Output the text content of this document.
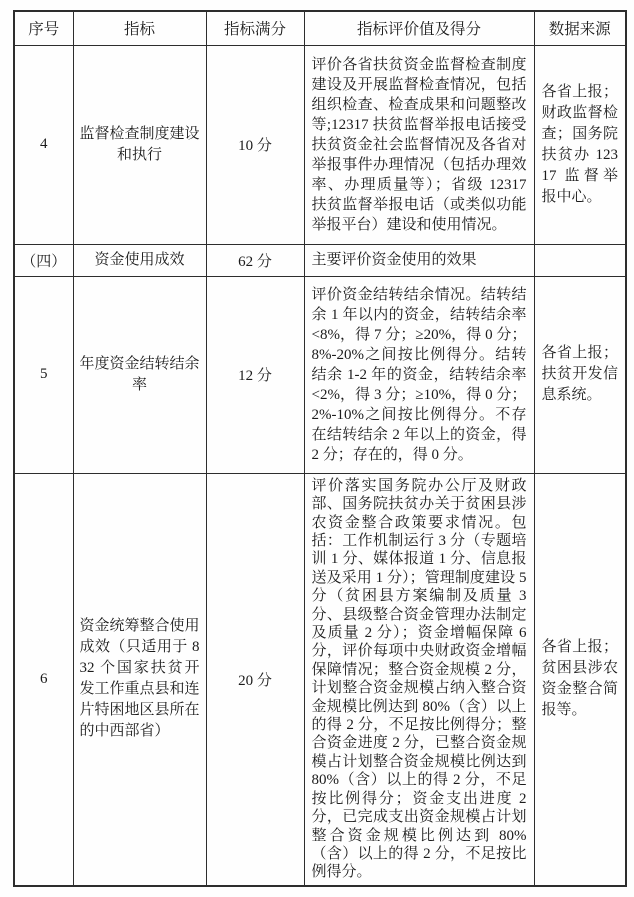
序号	指标	指标满分	指标评价值及得分	数据来源
4	监督检查制度建设和执行	10 分	评价各省扶贫资金监督检查制度建设及开展监督检查情况，包括组织检查、检查成果和问题整改等;12317 扶贫监督举报电话接受扶贫资金社会监督情况及各省对举报事件办理情况（包括办理效率、办理质量等）；省级 12317 扶贫监督举报电话（或类似功能举报平台）建设和使用情况。	各省上报；财政监督检查；国务院扶贫办 12317 监督举报中心。
（四）	资金使用成效	62 分	主要评价资金使用的效果	
5	年度资金结转结余率	12 分	评价资金结转结余情况。结转结余 1 年以内的资金，结转结余率<8%，得 7 分；≥20%，得 0 分；8%-20%之间按比例得分。结转结余 1-2 年的资金，结转结余率<2%，得 3 分；≥10%，得 0 分；2%-10%之间按比例得分。不存在结转结余 2 年以上的资金，得 2 分；存在的，得 0 分。	各省上报；扶贫开发信息系统。
6	资金统筹整合使用成效（只适用于 832 个国家扶贫开发工作重点县和连片特困地区县所在的中西部省）	20 分	评价落实国务院办公厅及财政部、国务院扶贫办关于贫困县涉农资金整合政策要求情况。包括：工作机制运行 3 分（专题培训 1 分、媒体报道 1 分、信息报送及采用 1 分）；管理制度建设 5 分（贫困县方案编制及质量 3 分、县级整合资金管理办法制定及质量 2 分）；资金增幅保障 6 分，评价每项中央财政资金增幅保障情况；整合资金规模 2 分，计划整合资金规模占纳入整合资金规模比例达到 80%（含）以上的得 2 分，不足按比例得分；整合资金进度 2 分，已整合资金规模占计划整合资金规模比例达到 80%（含）以上的得 2 分，不足按比例得分；资金支出进度 2 分，已完成支出资金规模占计划整合资金规模比例达到 80%（含）以上的得 2 分，不足按比例得分。	各省上报；贫困县涉农资金整合简报等。
